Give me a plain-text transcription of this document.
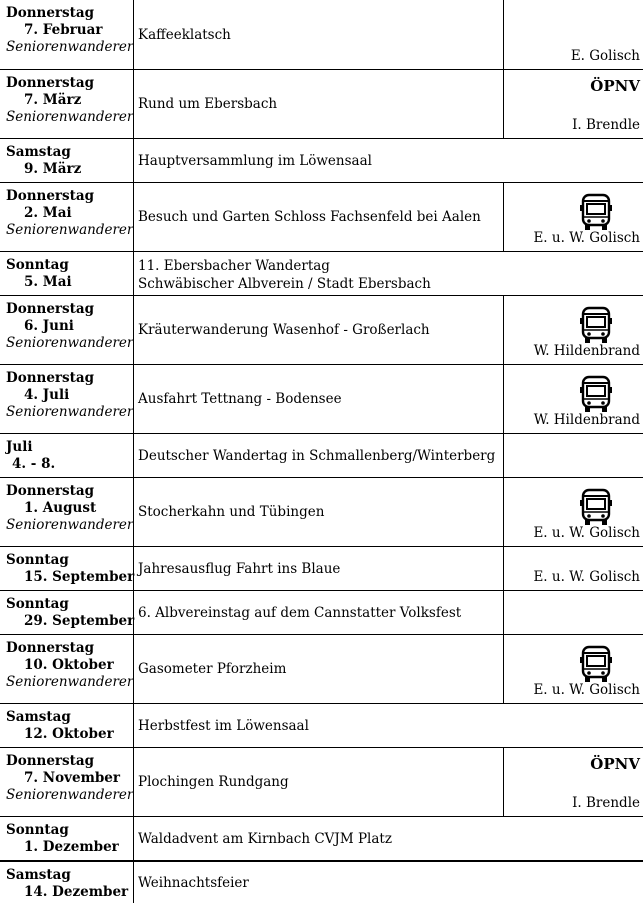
Donnerstag
7. Februar
Seniorenwanderer
Kaffeeklatsch
E. Golisch
Donnerstag
7. März
Seniorenwanderer
Rund um Ebersbach
ÖPNV
I. Brendle
Samstag
9. März
Hauptversammlung im Löwensaal
Donnerstag
2. Mai
Seniorenwanderer
Besuch und Garten Schloss Fachsenfeld bei Aalen
E. u. W. Golisch
Sonntag
5. Mai
11. Ebersbacher Wandertag
Schwäbischer Albverein / Stadt Ebersbach
Donnerstag
6. Juni
Seniorenwanderer
Kräuterwanderung Wasenhof - Großerlach
W. Hildenbrand
Donnerstag
4. Juli
Seniorenwanderer
Ausfahrt Tettnang - Bodensee
W. Hildenbrand
Juli
4. - 8.
Deutscher Wandertag in Schmallenberg/Winterberg
Donnerstag
1. August
Seniorenwanderer
Stocherkahn und Tübingen
E. u. W. Golisch
Sonntag
15. September
Jahresausflug Fahrt ins Blaue
E. u. W. Golisch
Sonntag
29. September
6. Albvereinstag auf dem Cannstatter Volksfest
Donnerstag
10. Oktober
Seniorenwanderer
Gasometer Pforzheim
E. u. W. Golisch
Samstag
12. Oktober
Herbstfest im Löwensaal
Donnerstag
7. November
Seniorenwanderer
Plochingen Rundgang
ÖPNV
I. Brendle
Sonntag
1. Dezember
Waldadvent am Kirnbach CVJM Platz
Samstag
14. Dezember
Weihnachtsfeier
